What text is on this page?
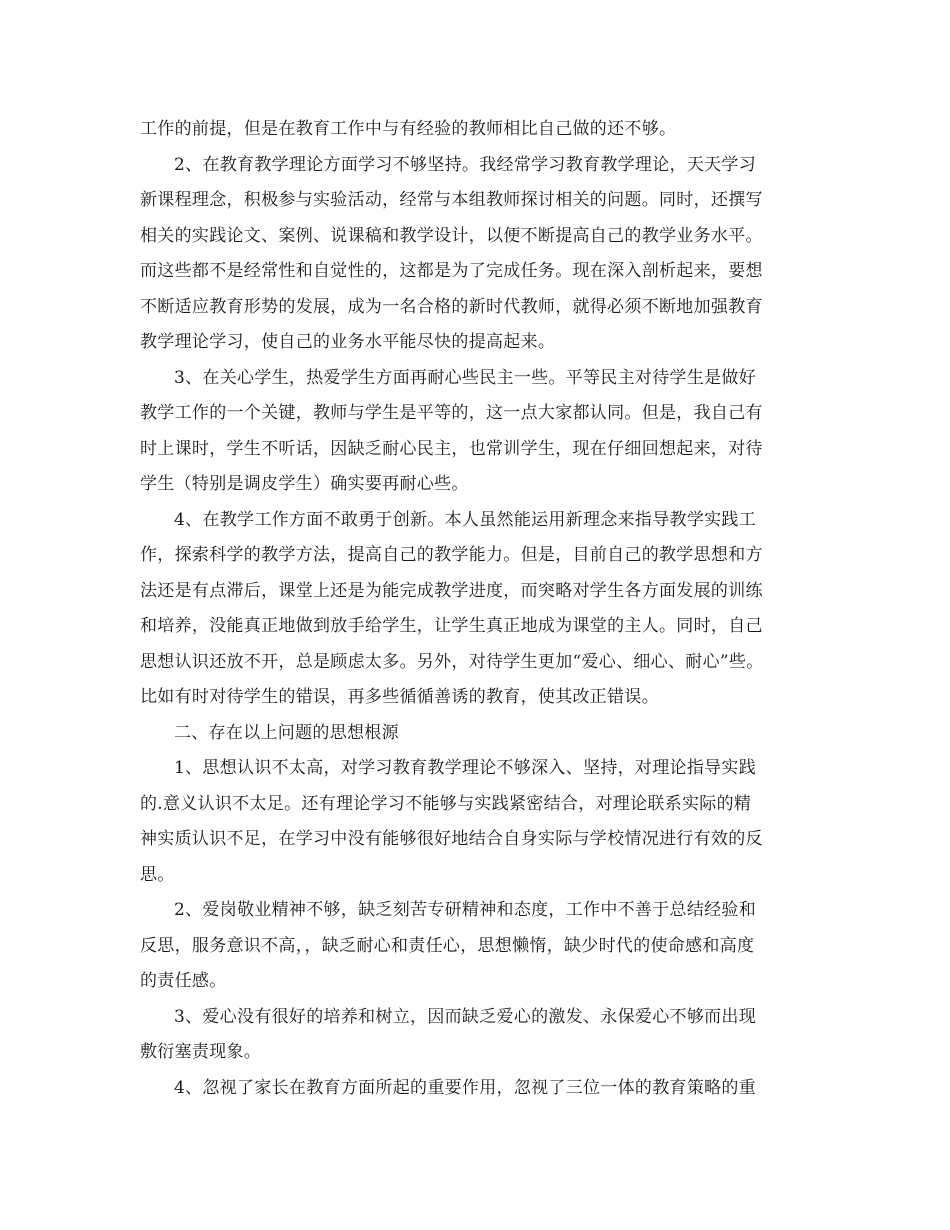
工作的前提，但是在教育工作中与有经验的教师相比自己做的还不够。
2、在教育教学理论方面学习不够坚持。我经常学习教育教学理论，天天学习
新课程理念，积极参与实验活动，经常与本组教师探讨相关的问题。同时，还撰写
相关的实践论文、案例、说课稿和教学设计，以便不断提高自己的教学业务水平。
而这些都不是经常性和自觉性的，这都是为了完成任务。现在深入剖析起来，要想
不断适应教育形势的发展，成为一名合格的新时代教师，就得必须不断地加强教育
教学理论学习，使自己的业务水平能尽快的提高起来。
3、在关心学生，热爱学生方面再耐心些民主一些。平等民主对待学生是做好
教学工作的一个关键，教师与学生是平等的，这一点大家都认同。但是，我自己有
时上课时，学生不听话，因缺乏耐心民主，也常训学生，现在仔细回想起来，对待
学生（特别是调皮学生）确实要再耐心些。
4、在教学工作方面不敢勇于创新。本人虽然能运用新理念来指导教学实践工
作，探索科学的教学方法，提高自己的教学能力。但是，目前自己的教学思想和方
法还是有点滞后，课堂上还是为能完成教学进度，而突略对学生各方面发展的训练
和培养，没能真正地做到放手给学生，让学生真正地成为课堂的主人。同时，自己
思想认识还放不开，总是顾虑太多。另外，对待学生更加“爱心、细心、耐心”些。
比如有时对待学生的错误，再多些循循善诱的教育，使其改正错误。
二、存在以上问题的思想根源
1、思想认识不太高，对学习教育教学理论不够深入、坚持，对理论指导实践
的.意义认识不太足。还有理论学习不能够与实践紧密结合，对理论联系实际的精
神实质认识不足，在学习中没有能够很好地结合自身实际与学校情况进行有效的反
思。
2、爱岗敬业精神不够，缺乏刻苦专研精神和态度，工作中不善于总结经验和
反思，服务意识不高，，缺乏耐心和责任心，思想懒惰，缺少时代的使命感和高度
的责任感。
3、爱心没有很好的培养和树立，因而缺乏爱心的激发、永保爱心不够而出现
敷衍塞责现象。
4、忽视了家长在教育方面所起的重要作用，忽视了三位一体的教育策略的重
